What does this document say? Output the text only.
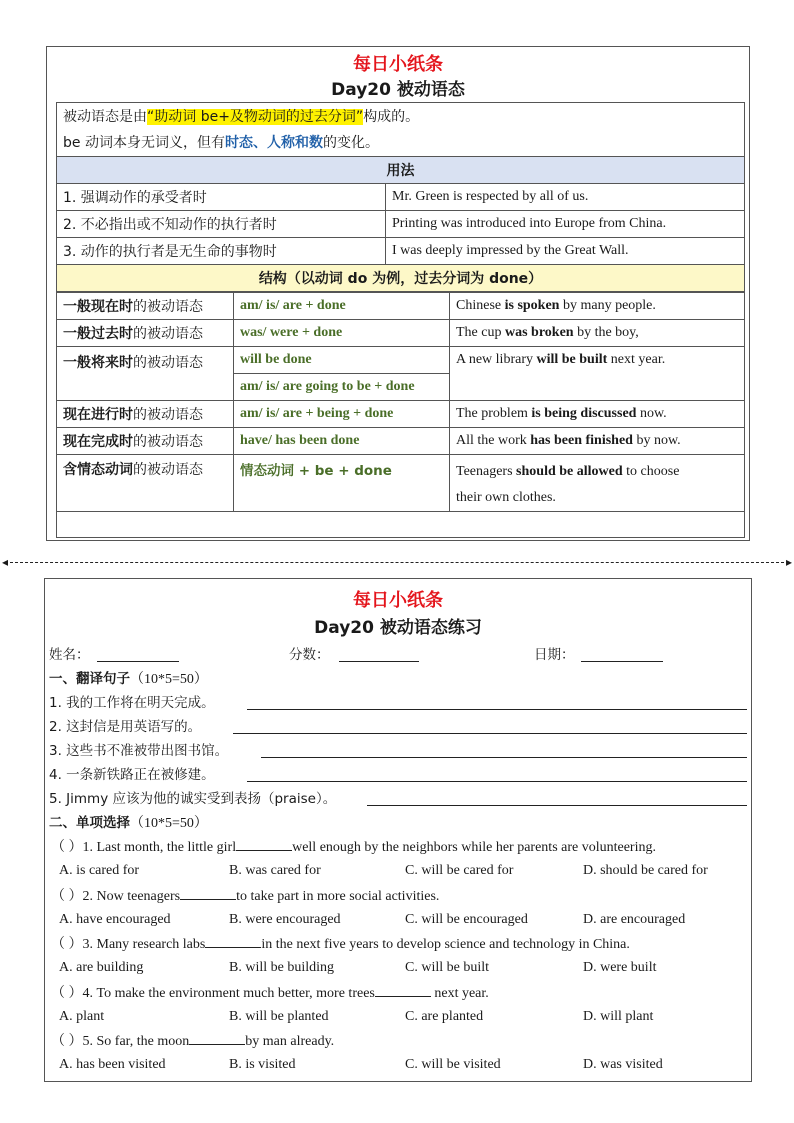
每日小纸条
Day20 被动语态
被动语态是由“助动词 be+及物动词的过去分词”构成的。
be 动词本身无词义，但有时态、人称和数的变化。	
用法	
1. 强调动作的承受者时	Mr. Green is respected by all of us.
2. 不必指出或不知动作的执行者时	Printing was introduced into Europe from China.
3. 动作的执行者是无生命的事物时	I was deeply impressed by the Great Wall.
结构（以动词 do 为例，过去分词为 done）	
一般现在时的被动语态	am/ is/ are + done	Chinese is spoken by many people.
一般过去时的被动语态	was/ were + done	The cup was broken by the boy,
一般将来时的被动语态	will be done	A new library will be built next year.
	am/ is/ are going to be + done	
现在进行时的被动语态	am/ is/ are + being + done	The problem is being discussed now.
现在完成时的被动语态	have/ has been done	All the work has been finished by now.
含情态动词的被动语态	情态动词 + be + done	Teenagers should be allowed to choose
their own clothes.

◂	▸
每日小纸条
Day20 被动语态练习
姓名：	分数：	日期：
一、翻译句子（10*5=50）
1. 我的工作将在明天完成。
2. 这封信是用英语写的。
3. 这些书不准被带出图书馆。
4. 一条新铁路正在被修建。
5. Jimmy 应该为他的诚实受到表扬（praise）。
二、单项选择（10*5=50）
（ ）1. Last month, the little girl	well enough by the neighbors while her parents are volunteering.
A. is cared for	B. was cared for	C. will be cared for	D. should be cared for
（ ）2. Now teenagers	to take part in more social activities.
A. have encouraged	B. were encouraged	C. will be encouraged	D. are encouraged
（ ）3. Many research labs	in the next five years to develop science and technology in China.
A. are building	B. will be building	C. will be built	D. were built
（ ）4. To make the environment much better, more trees	next year.
A. plant	B. will be planted	C. are planted	D. will plant
（ ）5. So far, the moon	by man already.
A. has been visited	B. is visited	C. will be visited	D. was visited
